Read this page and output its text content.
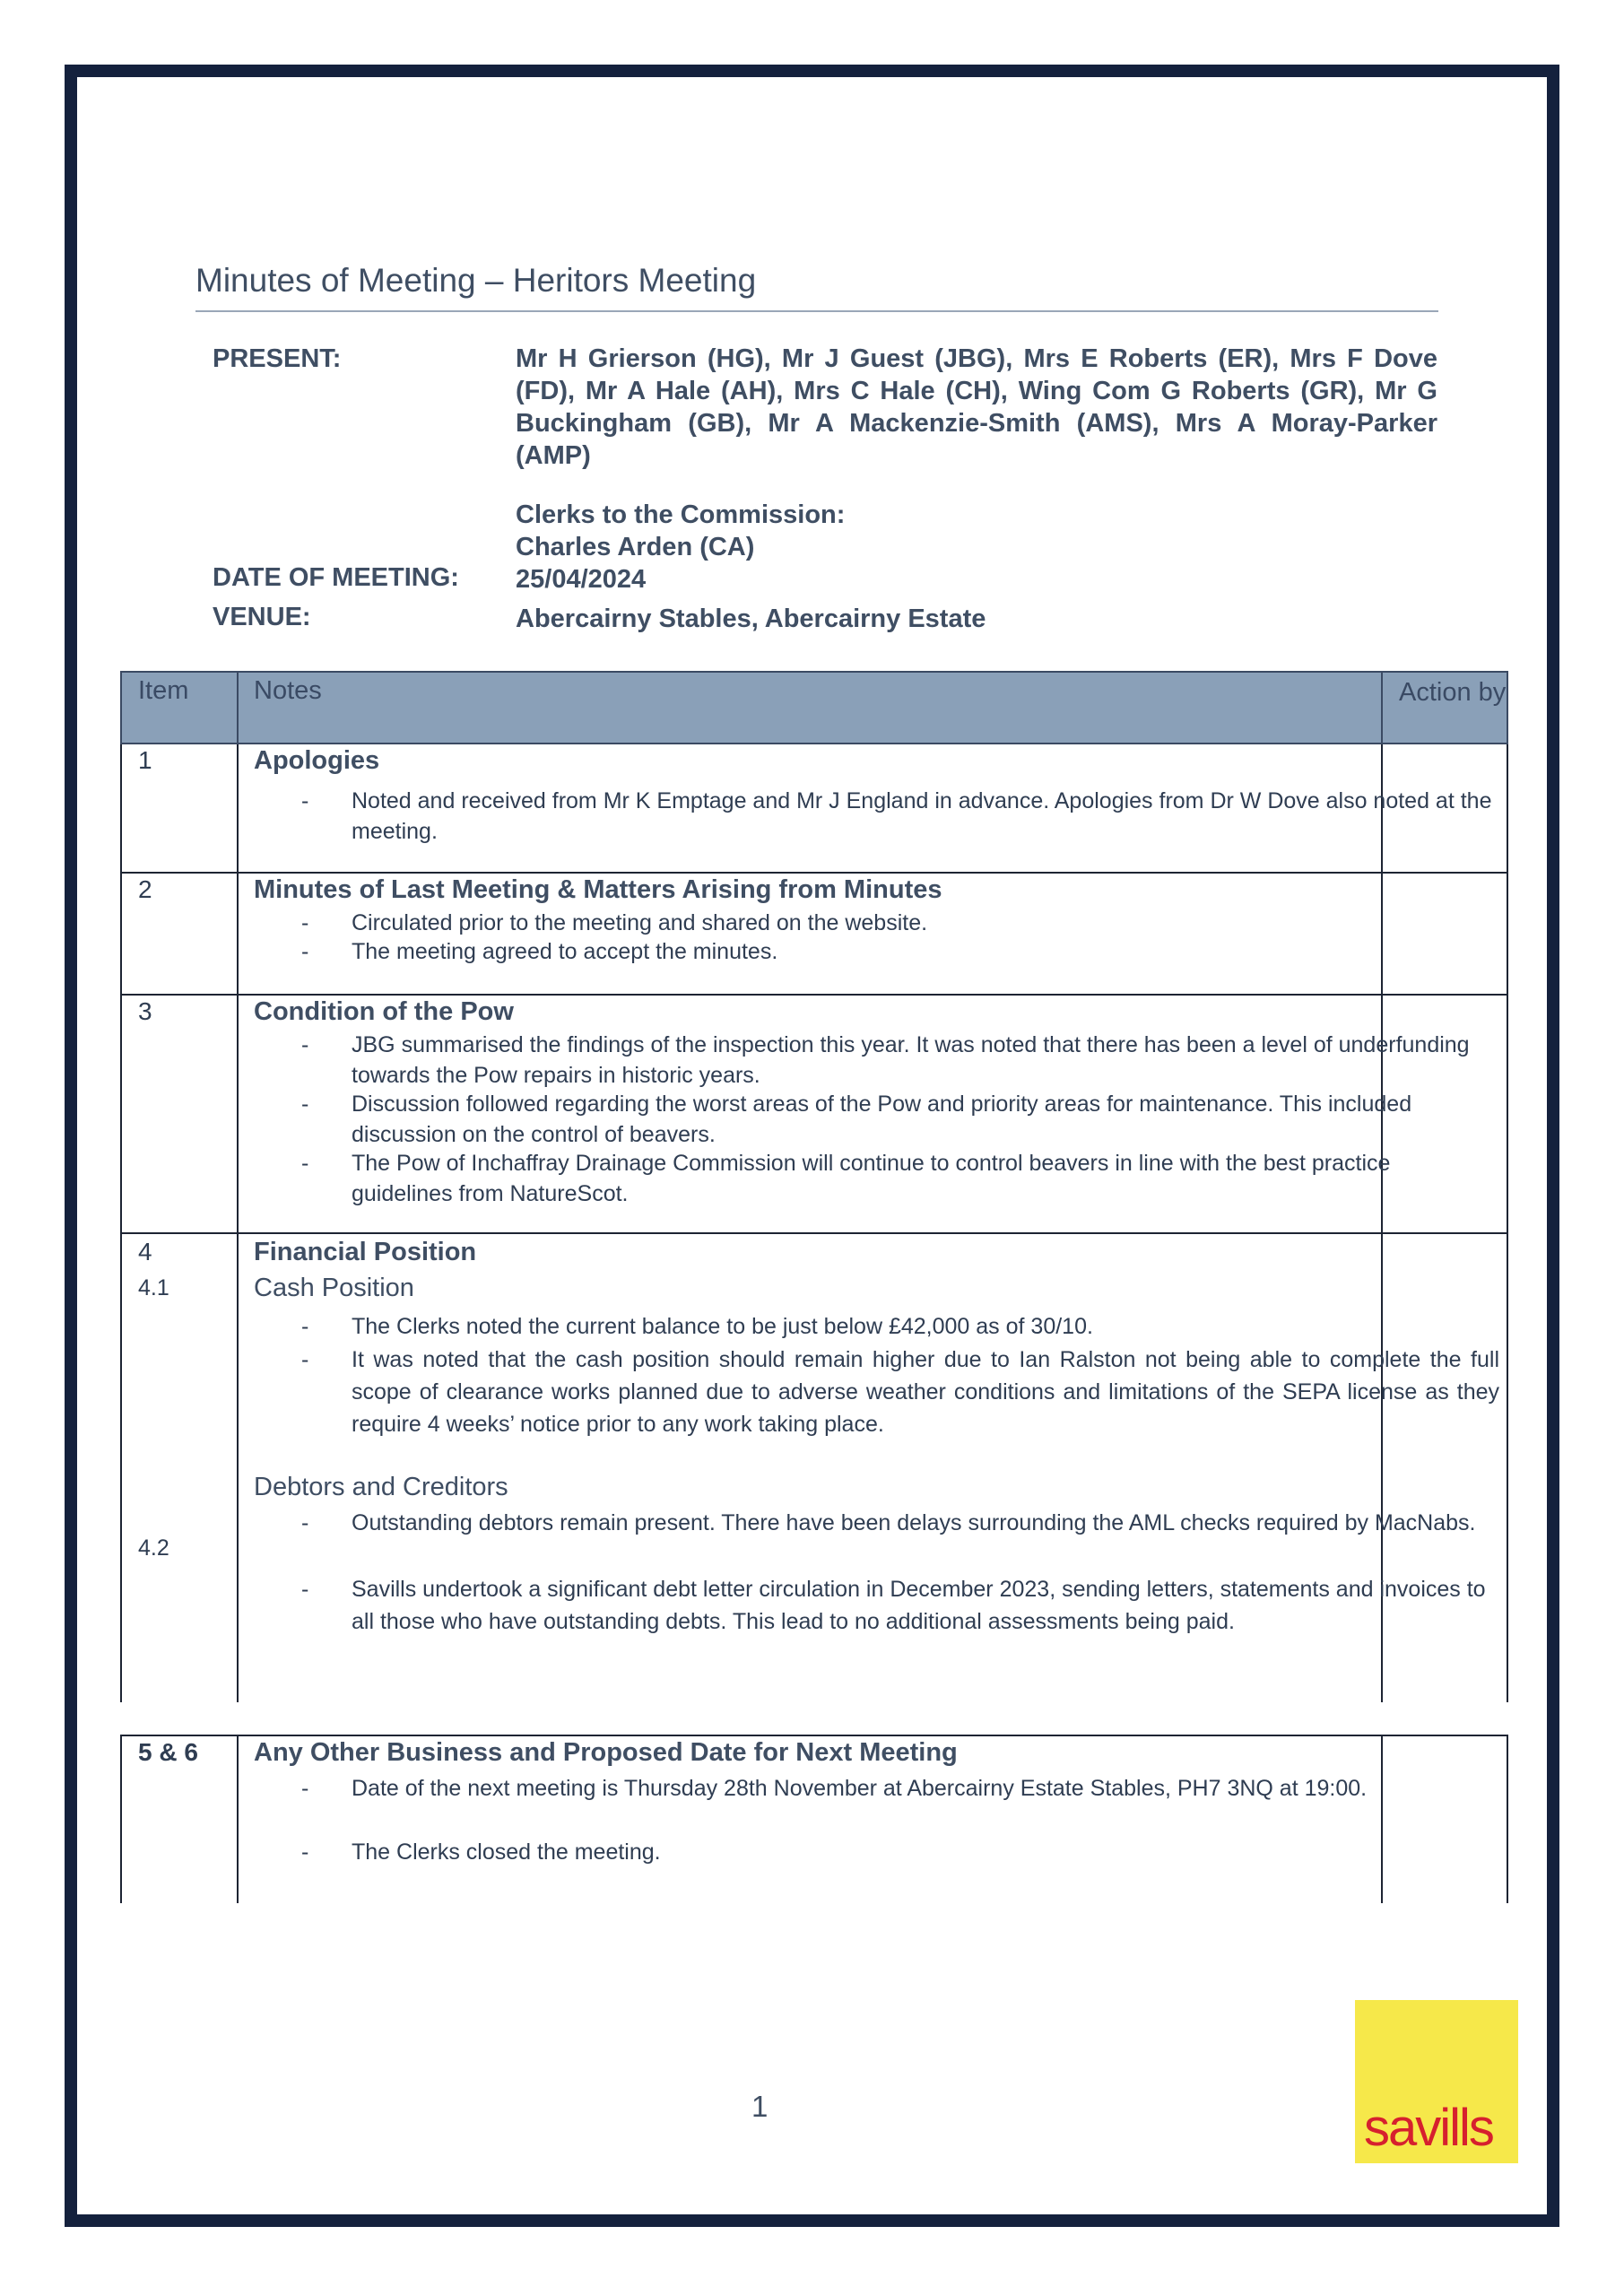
Minutes of Meeting – Heritors Meeting
PRESENT:	Mr H Grierson (HG), Mr J Guest (JBG), Mrs E Roberts (ER), Mrs F Dove (FD), Mr A Hale (AH), Mrs C Hale (CH), Wing Com G Roberts (GR), Mr G Buckingham (GB), Mr A Mackenzie-Smith (AMS), Mrs A Moray-Parker (AMP)
Clerks to the Commission:
Charles Arden (CA)
DATE OF MEETING: 25/04/2024
VENUE:	Abercairny Stables, Abercairny Estate
Item	Notes	Action by
1	Apologies
- Noted and received from Mr K Emptage and Mr J England in advance. Apologies from Dr W Dove also noted at the meeting.
2	Minutes of Last Meeting & Matters Arising from Minutes
- Circulated prior to the meeting and shared on the website.
- The meeting agreed to accept the minutes.
3	Condition of the Pow
- JBG summarised the findings of the inspection this year. It was noted that there has been a level of underfunding towards the Pow repairs in historic years.
- Discussion followed regarding the worst areas of the Pow and priority areas for maintenance. This included discussion on the control of beavers.
- The Pow of Inchaffray Drainage Commission will continue to control beavers in line with the best practice guidelines from NatureScot.
4	Financial Position
4.1	Cash Position
- The Clerks noted the current balance to be just below £42,000 as of 30/10.
- It was noted that the cash position should remain higher due to Ian Ralston not being able to complete the full scope of clearance works planned due to adverse weather conditions and limitations of the SEPA license as they require 4 weeks’ notice prior to any work taking place.
Debtors and Creditors
4.2
- Outstanding debtors remain present. There have been delays surrounding the AML checks required by MacNabs.
- Savills undertook a significant debt letter circulation in December 2023, sending letters, statements and invoices to all those who have outstanding debts. This lead to no additional assessments being paid.
5 & 6 Any Other Business and Proposed Date for Next Meeting
- Date of the next meeting is Thursday 28th November at Abercairny Estate Stables, PH7 3NQ at 19:00.
- The Clerks closed the meeting.
1	savills
